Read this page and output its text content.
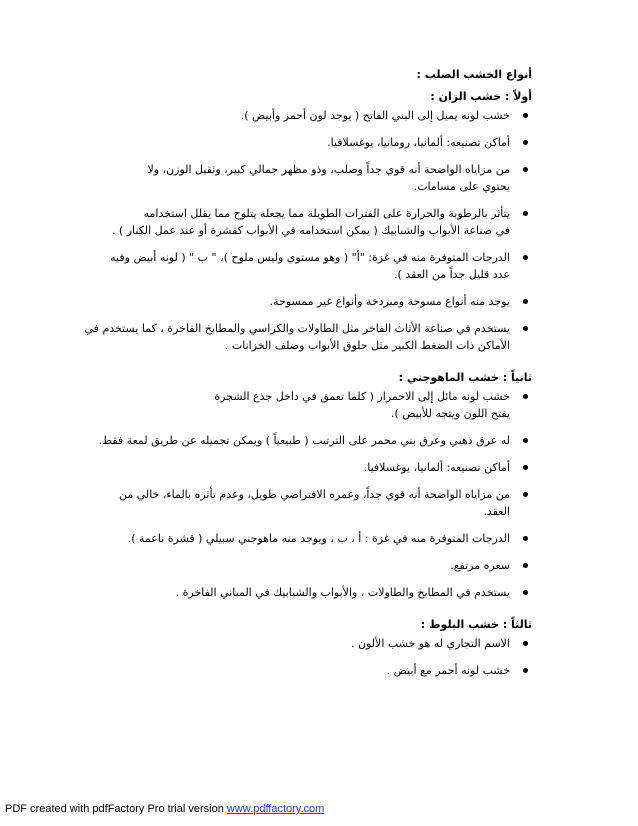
أنواع الخشب الصلب :

أولاً : خشب الزان :

خشب لونه يميل إلى البني الفاتح ( يوجد لون أحمر وأبيض ).
أماكن تصنيعه: ألمانيا، رومانيا، يوغسلافيا.
من مزاياه الواضحة أنه قوي جداً وصلب، وذو مظهر جمالي كبير، وثقيل الوزن، ولا
يحتوي على مسامات.
يتأثر بالرطوبة والحرارة على الفترات الطويلة مما يجعله يتلوح مما يقلل استخدامه
في صناعة الأبواب والشبابيك ( يمكن استخدامه في الأبواب كقشرة أو عند عمل الكنار ) .
الدرجات المتوفرة منه في غزة: "أ" ( وهو مستوي وليس ملوح )، " ب " ( لونه أبيض وفيه
عدد قليل جداً من العقد ).
يوجد منه أنواع مسوحة ومبردخة وأنواع غير ممسوحة.
يستخدم في صناعة الأثاث الفاخر مثل الطاولات والكراسي والمطابخ الفاخرة ، كما يستخدم في
الأماكن ذات الضغط الكبير مثل حلوق الأبواب وضلف الخزانات .

ثانياً : خشب الماهوجني :

خشب لونه مائل إلى الاحمرار ( كلما تعمق في داخل جذع الشجرة
يفتح اللون ويتجه للأبيض ).
له عرق ذهبي وعرق بني محمر على الترتيب ( طبيعياً ) ويمكن تجميله عن طريق لمعة فقط.
أماكن تصنيعه: ألمانيا، يوغسلافيا.
من مزاياه الواضحة أنه قوي جداً، وعمره الافتراضي طويل، وعدم تأثره بالماء، خالي من
العقد.
الدرجات المتوفرة منه في غزة : أ ، ب ، ويوجد منه ماهوجني سبيلي ( قشرة ناعمة ).
سعره مرتفع.
يستخدم في المطابخ والطاولات ، والأبواب والشبابيك في المباني الفاخرة .

ثالثاً : خشب البلوط :

الاسم التجاري له هو خشب الألون .
خشب لونه أحمر مع أبيض .
PDF created with pdfFactory Pro trial version www.pdffactory.com
